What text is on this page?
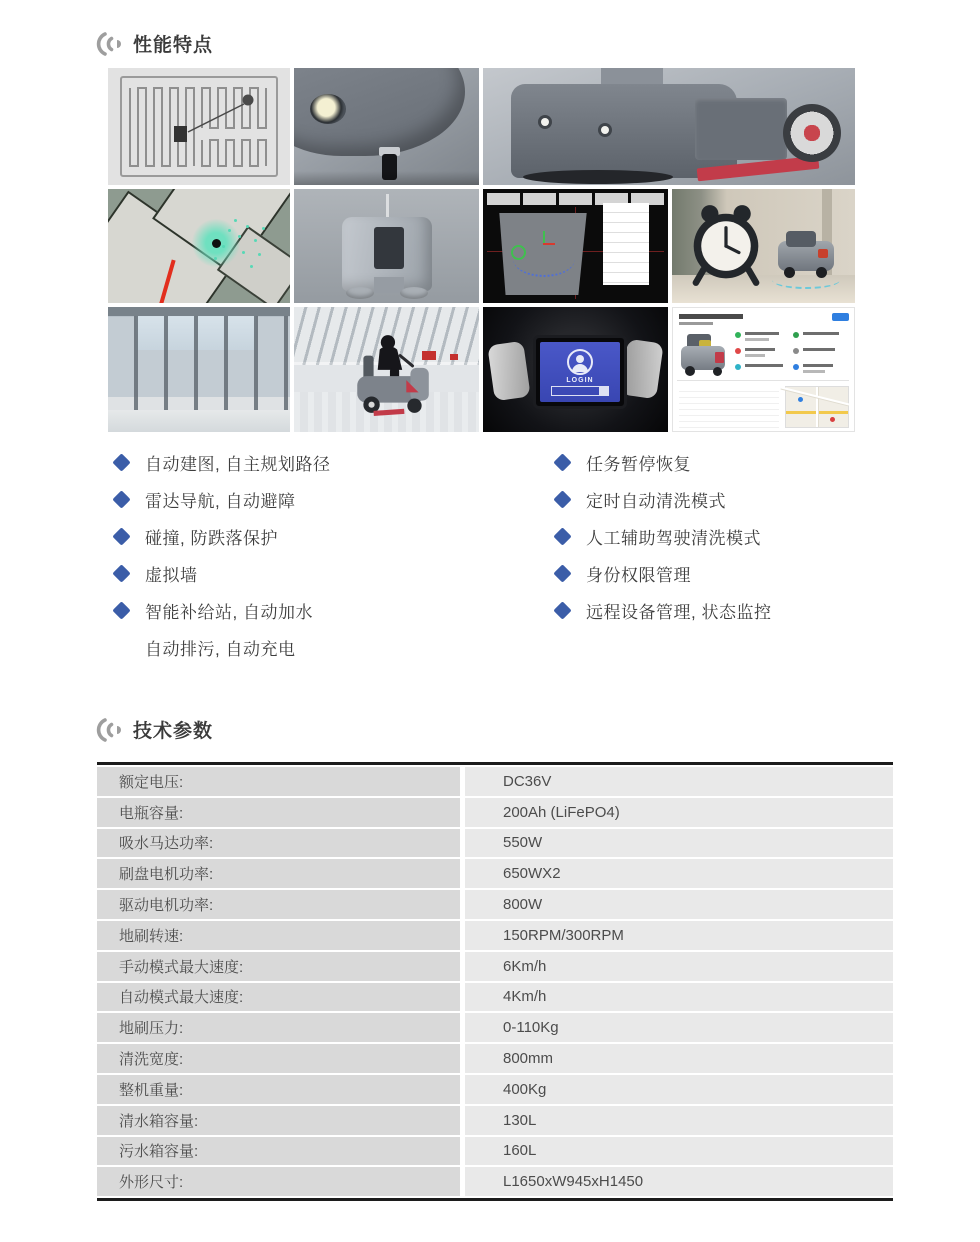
性能特点
LOGIN
自动建图, 自主规划路径
雷达导航, 自动避障
碰撞, 防跌落保护
虚拟墙
智能补给站, 自动加水
自动排污, 自动充电
任务暂停恢复
定时自动清洗模式
人工辅助驾驶清洗模式
身份权限管理
远程设备管理, 状态监控
技术参数
额定电压:	DC36V
电瓶容量:	200Ah (LiFePO4)
吸水马达功率:	550W
刷盘电机功率:	650WX2
驱动电机功率:	800W
地刷转速:	150RPM/300RPM
手动模式最大速度:	6Km/h
自动模式最大速度:	4Km/h
地刷压力:	0-110Kg
清洗宽度:	800mm
整机重量:	400Kg
清水箱容量:	130L
污水箱容量:	160L
外形尺寸:	L1650xW945xH1450
